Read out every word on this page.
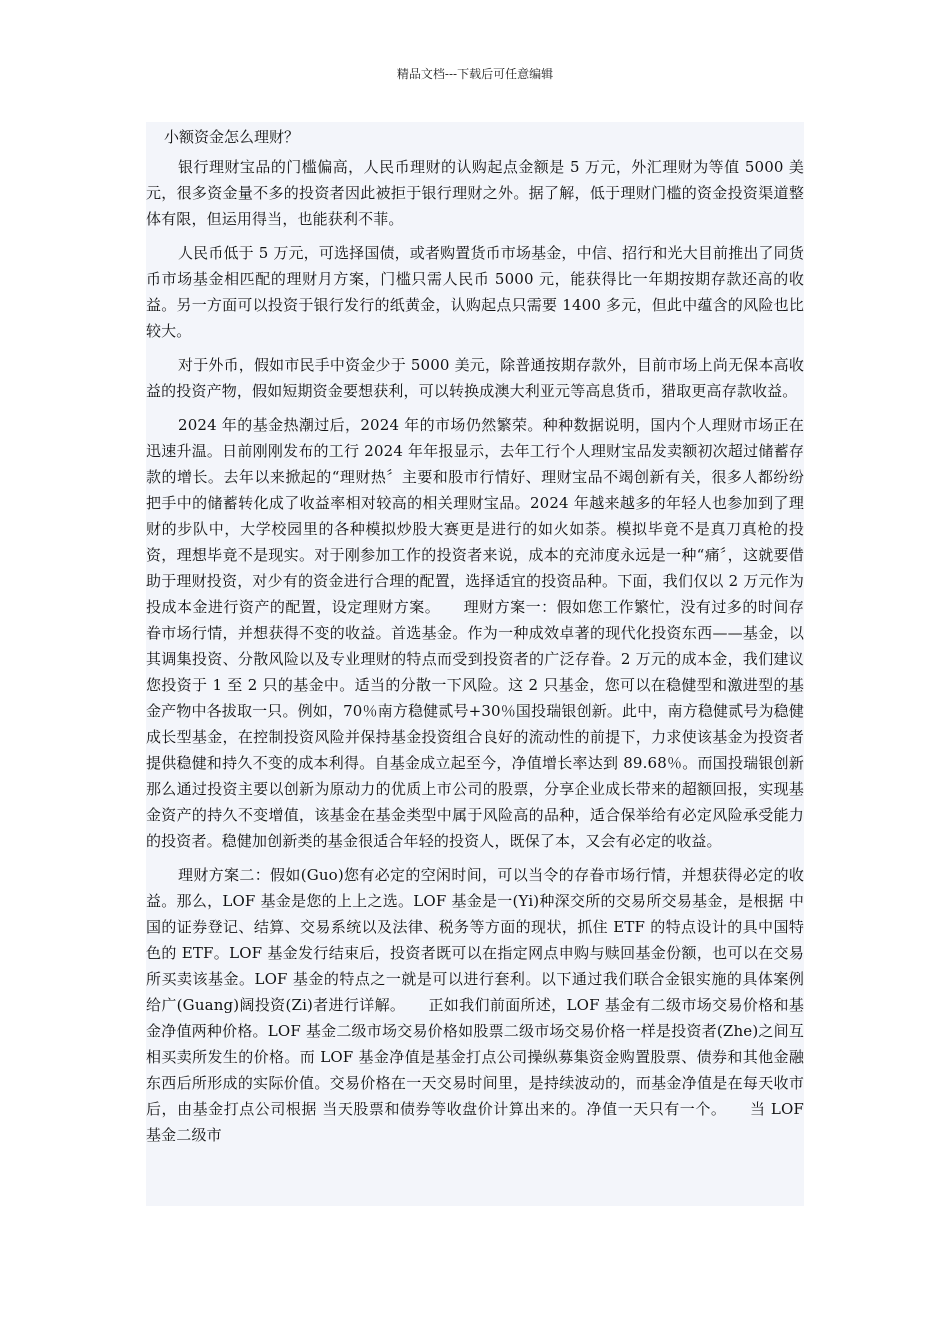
精品文档---下载后可任意编辑

小额资金怎么理财？

银行理财宝品的门槛偏高，人民币理财的认购起点金额是 5 万元，外汇理财为等值 5000 美元，很多资金量不多的投资者因此被拒于银行理财之外。据了解，低于理财门槛的资金投资渠道整体有限，但运用得当，也能获利不菲。

人民币低于 5 万元，可选择国债，或者购置货币市场基金，中信、招行和光大目前推出了同货币市场基金相匹配的理财月方案，门槛只需人民币 5000 元，能获得比一年期按期存款还高的收益。另一方面可以投资于银行发行的纸黄金，认购起点只需要 1400 多元，但此中蕴含的风险也比较大。

对于外币，假如市民手中资金少于 5000 美元，除普通按期存款外，目前市场上尚无保本高收益的投资产物，假如短期资金要想获利，可以转换成澳大利亚元等高息货币，猎取更高存款收益。

2024 年的基金热潮过后，2024 年的市场仍然繁荣。种种数据说明，国内个人理财市场正在迅速升温。日前刚刚发布的工行 2024 年年报显示，去年工行个人理财宝品发卖额初次超过储蓄存款的增长。去年以来掀起的“理财热〞主要和股市行情好、理财宝品不竭创新有关，很多人都纷纷把手中的储蓄转化成了收益率相对较高的相关理财宝品。2024 年越来越多的年轻人也参加到了理财的步队中，大学校园里的各种模拟炒股大赛更是进行的如火如荼。模拟毕竟不是真刀真枪的投资，理想毕竟不是现实。对于刚参加工作的投资者来说，成本的充沛度永远是一种“痛〞，这就要借助于理财投资，对少有的资金进行合理的配置，选择适宜的投资品种。下面，我们仅以 2 万元作为投成本金进行资产的配置，设定理财方案。　　理财方案一：假如您工作繁忙，没有过多的时间存眷市场行情，并想获得不变的收益。首选基金。作为一种成效卓著的现代化投资东西——基金，以其调集投资、分散风险以及专业理财的特点而受到投资者的广泛存眷。2 万元的成本金，我们建议您投资于 1 至 2 只的基金中。适当的分散一下风险。这 2 只基金，您可以在稳健型和激进型的基金产物中各拔取一只。例如，70％南方稳健贰号+30％国投瑞银创新。此中，南方稳健贰号为稳健成长型基金，在控制投资风险并保持基金投资组合良好的流动性的前提下，力求使该基金为投资者提供稳健和持久不变的成本利得。自基金成立起至今，净值增长率达到 89.68％。而国投瑞银创新那么通过投资主要以创新为原动力的优质上市公司的股票，分享企业成长带来的超额回报，实现基金资产的持久不变增值，该基金在基金类型中属于风险高的品种，适合保举给有必定风险承受能力的投资者。稳健加创新类的基金很适合年轻的投资人，既保了本，又会有必定的收益。

理财方案二：假如(Guo)您有必定的空闲时间，可以当令的存眷市场行情，并想获得必定的收益。那么，LOF 基金是您的上上之选。LOF 基金是一(Yi)种深交所的交易所交易基金，是根据 中国的证券登记、结算、交易系统以及法律、税务等方面的现状，抓住 ETF 的特点设计的具中国特色的 ETF。LOF 基金发行结束后，投资者既可以在指定网点申购与赎回基金份额，也可以在交易所买卖该基金。LOF 基金的特点之一就是可以进行套利。以下通过我们联合金银实施的具体案例给广(Guang)阔投资(Zi)者进行详解。　　正如我们前面所述，LOF 基金有二级市场交易价格和基金净值两种价格。LOF 基金二级市场交易价格如股票二级市场交易价格一样是投资者(Zhe)之间互相买卖所发生的价格。而 LOF 基金净值是基金打点公司操纵募集资金购置股票、债券和其他金融东西后所形成的实际价值。交易价格在一天交易时间里，是持续波动的，而基金净值是在每天收市后，由基金打点公司根据 当天股票和债券等收盘价计算出来的。净值一天只有一个。　　当 LOF 基金二级市
